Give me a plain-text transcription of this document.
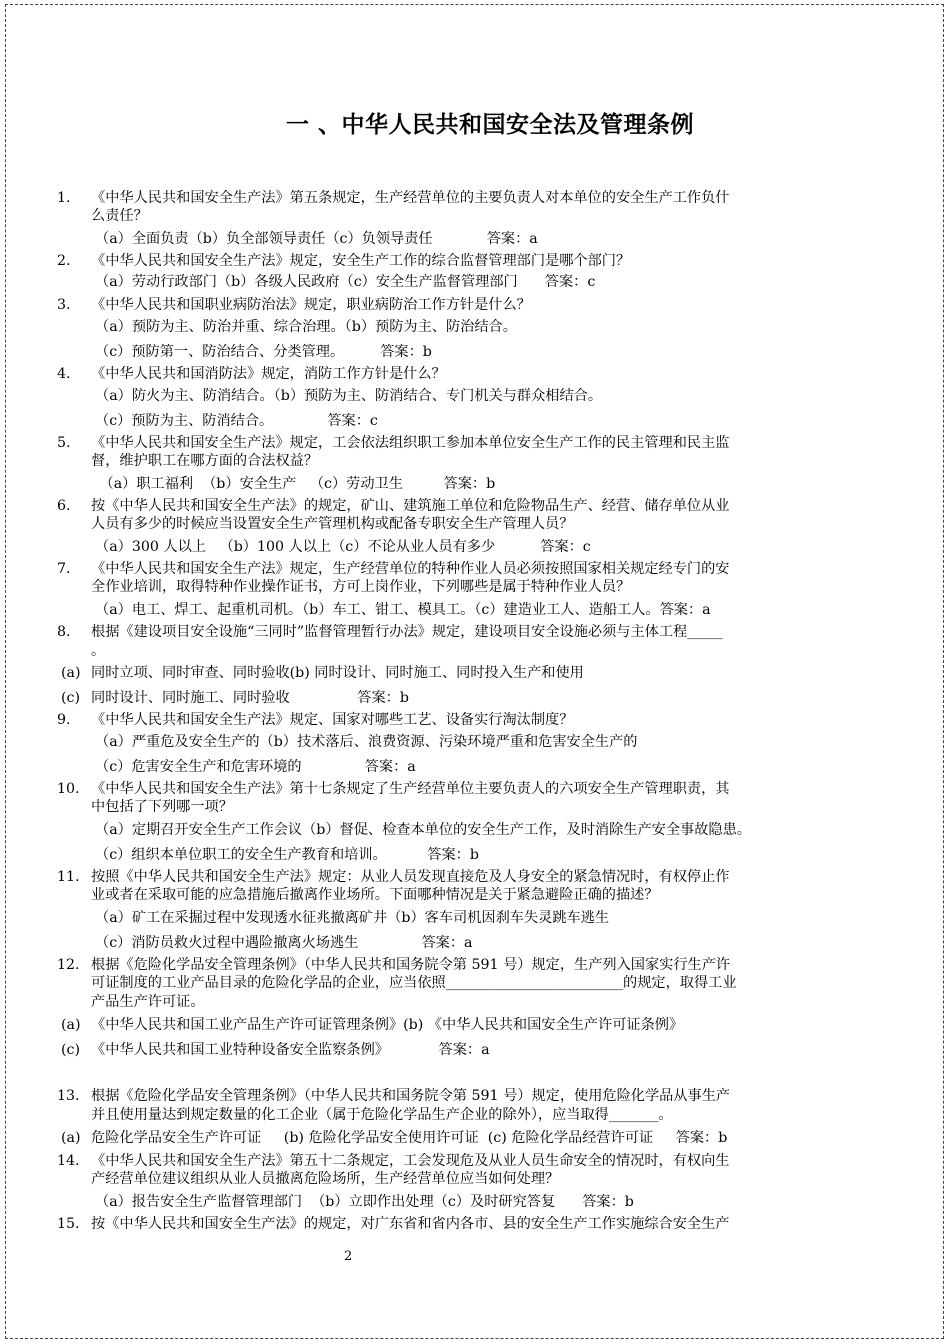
一 、中华人民共和国安全法及管理条例
1. 《中华人民共和国安全生产法》第五条规定，生产经营单位的主要负责人对本单位的安全生产工作负什
么责任？
（a）全面负责（b）负全部领导责任（c）负领导责任            答案：a
2. 《中华人民共和国安全生产法》规定，安全生产工作的综合监督管理部门是哪个部门？
（a）劳动行政部门（b）各级人民政府（c）安全生产监督管理部门      答案：c
3. 《中华人民共和国职业病防治法》规定，职业病防治工作方针是什么？
（a）预防为主、防治并重、综合治理。（b）预防为主、防治结合。
（c）预防第一、防治结合、分类管理。        答案：b
4. 《中华人民共和国消防法》规定，消防工作方针是什么？
（a）防火为主、防消结合。（b）预防为主、防消结合、专门机关与群众相结合。
（c）预防为主、防消结合。            答案：c
5. 《中华人民共和国安全生产法》规定，工会依法组织职工参加本单位安全生产工作的民主管理和民主监
督，维护职工在哪方面的合法权益？
（a）职工福利  （b）安全生产   （c）劳动卫生         答案：b
6. 按《中华人民共和国安全生产法》的规定，矿山、建筑施工单位和危险物品生产、经营、储存单位从业
人员有多少的时候应当设置安全生产管理机构或配备专职安全生产管理人员？
（a）300 人以上   （b）100 人以上（c）不论从业人员有多少          答案：c
7. 《中华人民共和国安全生产法》规定，生产经营单位的特种作业人员必须按照国家相关规定经专门的安
全作业培训，取得特种作业操作证书，方可上岗作业，下列哪些是属于特种作业人员？
（a）电工、焊工、起重机司机。（b）车工、钳工、模具工。（c）建造业工人、造船工人。答案：a
8. 根据《建设项目安全设施“三同时”监督管理暂行办法》规定，建设项目安全设施必须与主体工程_____
。
(a) 同时立项、同时审查、同时验收(b) 同时设计、同时施工、同时投入生产和使用
(c) 同时设计、同时施工、同时验收               答案：b
9. 《中华人民共和国安全生产法》规定、国家对哪些工艺、设备实行淘汰制度？
（a）严重危及安全生产的（b）技术落后、浪费资源、污染环境严重和危害安全生产的
（c）危害安全生产和危害环境的              答案：a
10. 《中华人民共和国安全生产法》第十七条规定了生产经营单位主要负责人的六项安全生产管理职责，其
中包括了下列哪一项？
（a）定期召开安全生产工作会议（b）督促、检查本单位的安全生产工作，及时消除生产安全事故隐患。
（c）组织本单位职工的安全生产教育和培训。         答案：b
11. 按照《中华人民共和国安全生产法》规定：从业人员发现直接危及人身安全的紧急情况时，有权停止作
业或者在采取可能的应急措施后撤离作业场所。下面哪种情况是关于紧急避险正确的描述？
（a）矿工在采掘过程中发现透水征兆撤离矿井（b）客车司机因刹车失灵跳车逃生
（c）消防员救火过程中遇险撤离火场逃生              答案：a
12. 根据《危险化学品安全管理条例》（中华人民共和国务院令第 591 号）规定，生产列入国家实行生产许
可证制度的工业产品目录的危险化学品的企业，应当依照_________________________的规定，取得工业
产品生产许可证。
(a) 《中华人民共和国工业产品生产许可证管理条例》(b) 《中华人民共和国安全生产许可证条例》
(c) 《中华人民共和国工业特种设备安全监察条例》           答案：a
13. 根据《危险化学品安全管理条例》（中华人民共和国务院令第 591 号）规定，使用危险化学品从事生产
并且使用量达到规定数量的化工企业（属于危险化学品生产企业的除外），应当取得_______。
(a) 危险化学品安全生产许可证     (b) 危险化学品安全使用许可证  (c) 危险化学品经营许可证     答案：b
14. 《中华人民共和国安全生产法》第五十二条规定，工会发现危及从业人员生命安全的情况时，有权向生
产经营单位建议组织从业人员撤离危险场所，生产经营单位应当如何处理？
（a）报告安全生产监督管理部门  （b）立即作出处理（c）及时研究答复      答案：b
15. 按《中华人民共和国安全生产法》的规定，对广东省和省内各市、县的安全生产工作实施综合安全生产
2
